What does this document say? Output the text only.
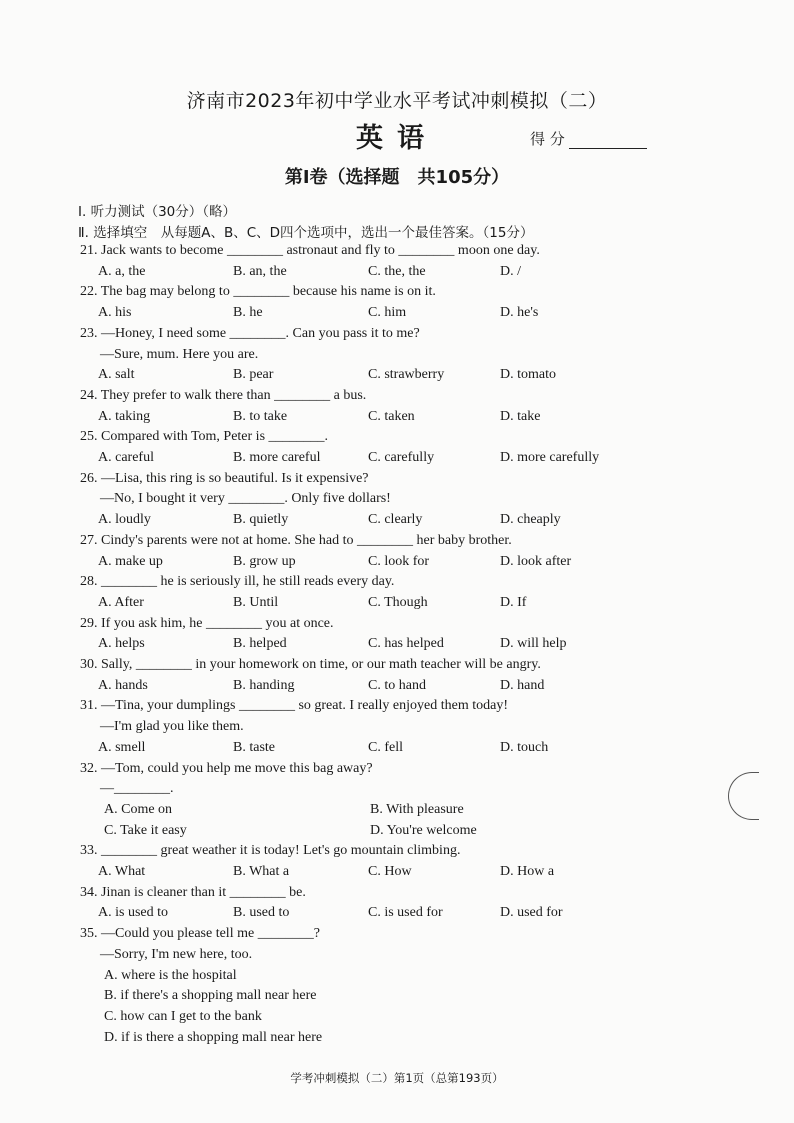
济南市2023年初中学业水平考试冲刺模拟（二）
英语	得 分
第Ⅰ卷（选择题　共105分）
Ⅰ. 听力测试（30分）（略）
Ⅱ. 选择填空　从每题A、B、C、D四个选项中，选出一个最佳答案。（15分）
21. Jack wants to become ________ astronaut and fly to ________ moon one day.
A. a, the	B. an, the	C. the, the	D. /
22. The bag may belong to ________ because his name is on it.
A. his	B. he	C. him	D. he's
23. —Honey, I need some ________. Can you pass it to me?
—Sure, mum. Here you are.
A. salt	B. pear	C. strawberry	D. tomato
24. They prefer to walk there than ________ a bus.
A. taking	B. to take	C. taken	D. take
25. Compared with Tom, Peter is ________.
A. careful	B. more careful	C. carefully	D. more carefully
26. —Lisa, this ring is so beautiful. Is it expensive?
—No, I bought it very ________. Only five dollars!
A. loudly	B. quietly	C. clearly	D. cheaply
27. Cindy's parents were not at home. She had to ________ her baby brother.
A. make up	B. grow up	C. look for	D. look after
28. ________ he is seriously ill, he still reads every day.
A. After	B. Until	C. Though	D. If
29. If you ask him, he ________ you at once.
A. helps	B. helped	C. has helped	D. will help
30. Sally, ________ in your homework on time, or our math teacher will be angry.
A. hands	B. handing	C. to hand	D. hand
31. —Tina, your dumplings ________ so great. I really enjoyed them today!
—I'm glad you like them.
A. smell	B. taste	C. fell	D. touch
32. —Tom, could you help me move this bag away?
—________.
A. Come on	B. With pleasure
C. Take it easy	D. You're welcome
33. ________ great weather it is today! Let's go mountain climbing.
A. What	B. What a	C. How	D. How a
34. Jinan is cleaner than it ________ be.
A. is used to	B. used to	C. is used for	D. used for
35. —Could you please tell me ________?
—Sorry, I'm new here, too.
A. where is the hospital
B. if there's a shopping mall near here
C. how can I get to the bank
D. if is there a shopping mall near here
学考冲刺模拟（二）第1页（总第193页）
